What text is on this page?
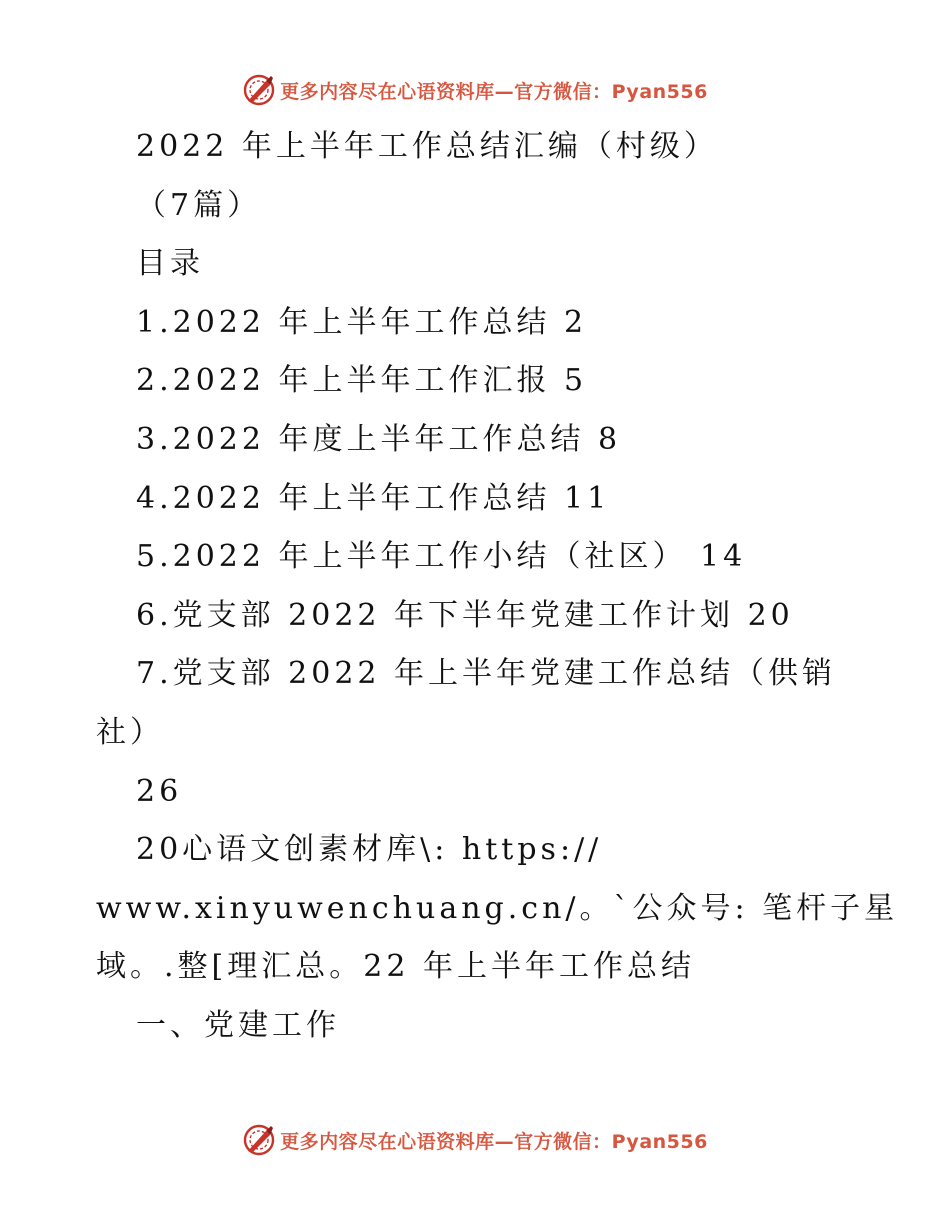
更多内容尽在心语资料库—官方微信：Pyan556
2022 年上半年工作总结汇编（村级）
（7篇）
目录
1.2022 年上半年工作总结 2
2.2022 年上半年工作汇报 5
3.2022 年度上半年工作总结 8
4.2022 年上半年工作总结 11
5.2022 年上半年工作小结（社区） 14
6.党支部 2022 年下半年党建工作计划 20
7.党支部 2022 年上半年党建工作总结（供销
社）
26
20心语文创素材库\: https://
www.xinyuwenchuang.cn/。`公众号: 笔杆子星
域。.整[理汇总。22 年上半年工作总结
一、党建工作
更多内容尽在心语资料库—官方微信：Pyan556
